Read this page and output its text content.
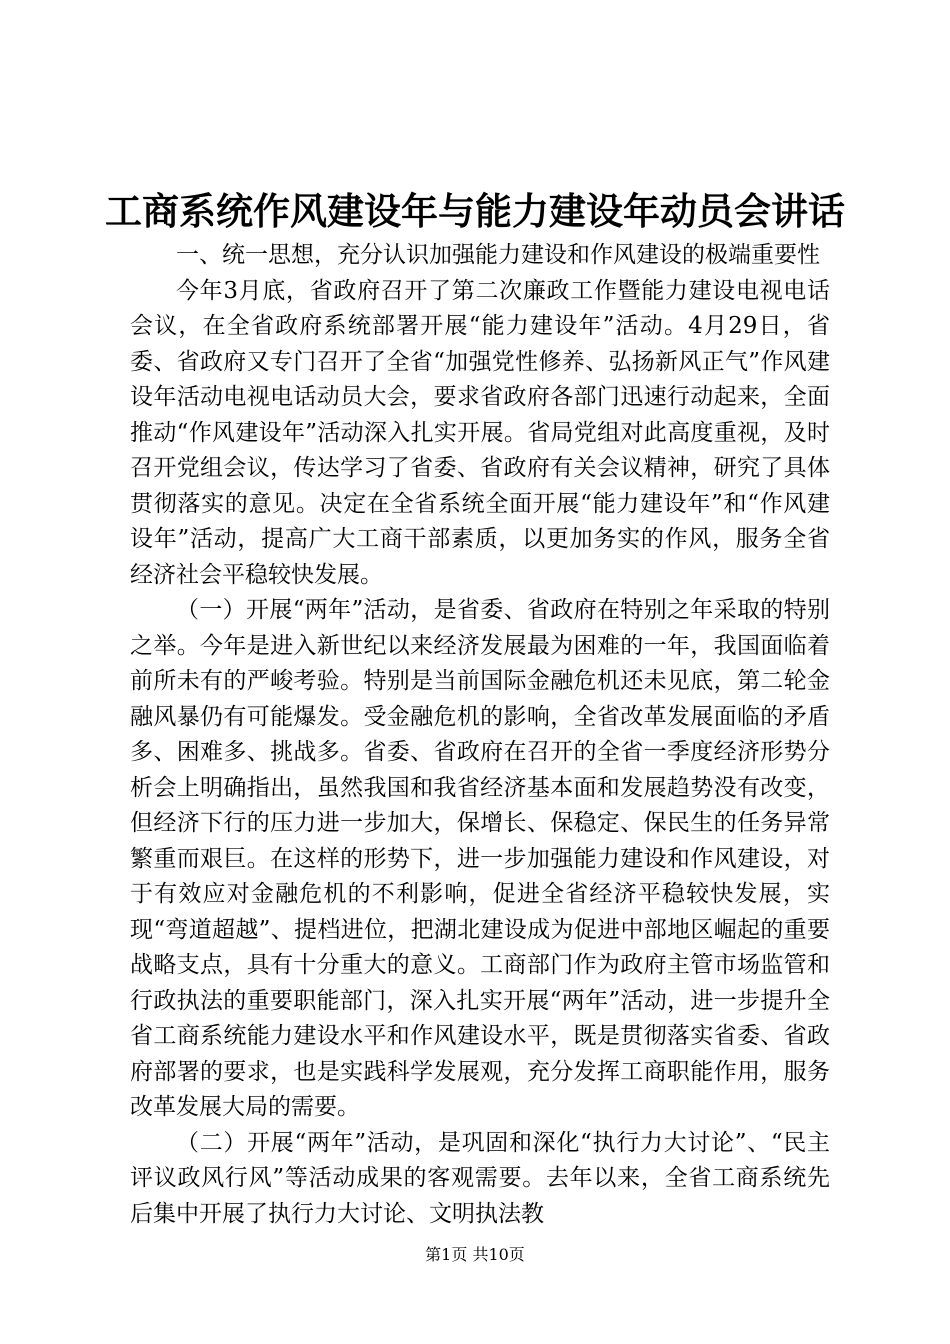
工商系统作风建设年与能力建设年动员会讲话

一、统一思想，充分认识加强能力建设和作风建设的极端重要性

今年3月底，省政府召开了第二次廉政工作暨能力建设电视电话会议，在全省政府系统部署开展“能力建设年”活动。4月29日，省委、省政府又专门召开了全省“加强党性修养、弘扬新风正气”作风建设年活动电视电话动员大会，要求省政府各部门迅速行动起来，全面推动“作风建设年”活动深入扎实开展。省局党组对此高度重视，及时召开党组会议，传达学习了省委、省政府有关会议精神，研究了具体贯彻落实的意见。决定在全省系统全面开展“能力建设年”和“作风建设年”活动，提高广大工商干部素质，以更加务实的作风，服务全省经济社会平稳较快发展。

（一）开展“两年”活动，是省委、省政府在特别之年采取的特别之举。今年是进入新世纪以来经济发展最为困难的一年，我国面临着前所未有的严峻考验。特别是当前国际金融危机还未见底，第二轮金融风暴仍有可能爆发。受金融危机的影响，全省改革发展面临的矛盾多、困难多、挑战多。省委、省政府在召开的全省一季度经济形势分析会上明确指出，虽然我国和我省经济基本面和发展趋势没有改变，但经济下行的压力进一步加大，保增长、保稳定、保民生的任务异常繁重而艰巨。在这样的形势下，进一步加强能力建设和作风建设，对于有效应对金融危机的不利影响，促进全省经济平稳较快发展，实现“弯道超越”、提档进位，把湖北建设成为促进中部地区崛起的重要战略支点，具有十分重大的意义。工商部门作为政府主管市场监管和行政执法的重要职能部门，深入扎实开展“两年”活动，进一步提升全省工商系统能力建设水平和作风建设水平，既是贯彻落实省委、省政府部署的要求，也是实践科学发展观，充分发挥工商职能作用，服务改革发展大局的需要。

（二）开展“两年”活动，是巩固和深化“执行力大讨论”、“民主评议政风行风”等活动成果的客观需要。去年以来，全省工商系统先后集中开展了执行力大讨论、文明执法教

第1页 共10页
